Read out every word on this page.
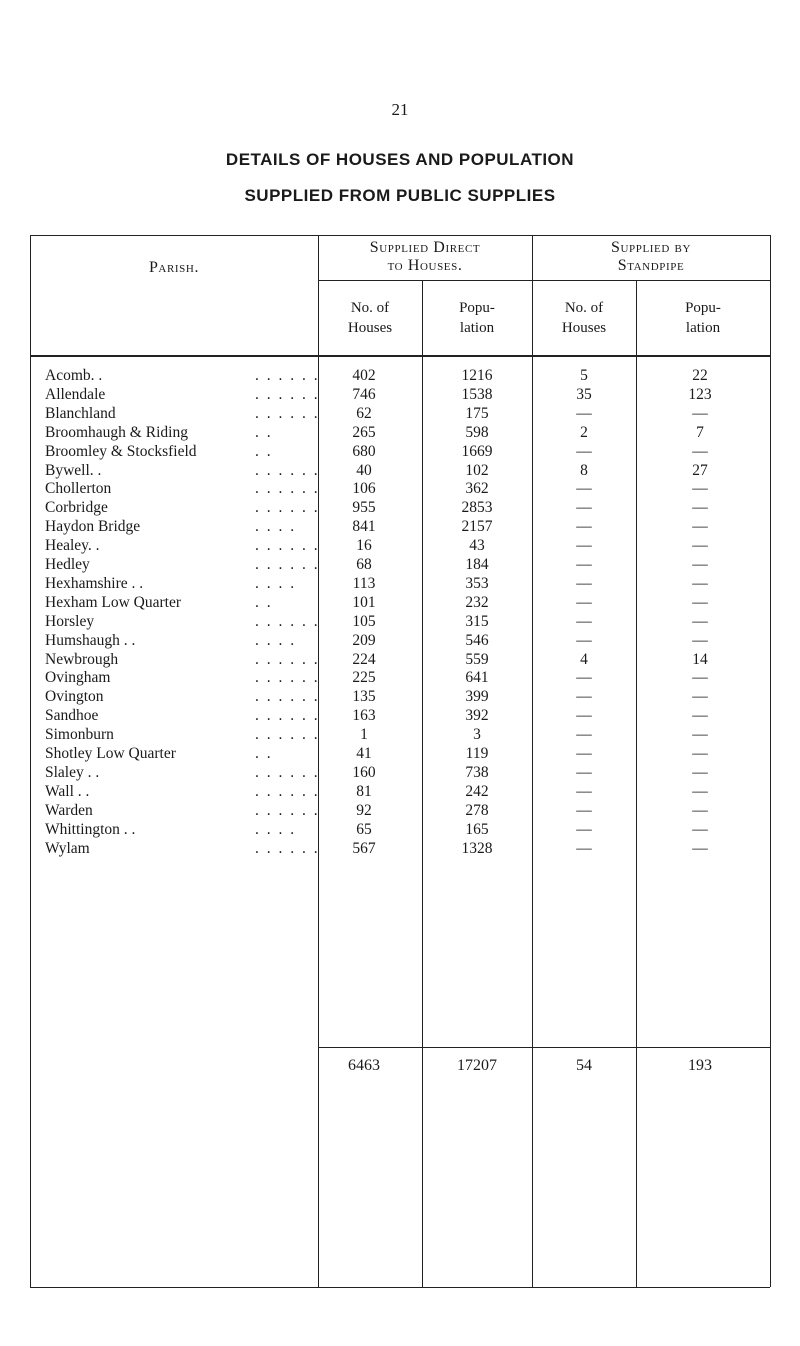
21
DETAILS OF HOUSES AND POPULATION
SUPPLIED FROM PUBLIC SUPPLIES
Parish.
Supplied Direct
to Houses.
Supplied by
Standpipe
No. of
Houses
Popu-
lation
No. of
Houses
Popu-
lation
Acomb. .	. . . . . .	402	1216	5	22
Allendale	. . . . . .	746	1538	35	123
Blanchland	. . . . . .	62	175	—	—
Broomhaugh & Riding	. .	265	598	2	7
Broomley & Stocksfield	. .	680	1669	—	—
Bywell. .	. . . . . .	40	102	8	27
Chollerton	. . . . . .	106	362	—	—
Corbridge	. . . . . .	955	2853	—	—
Haydon Bridge	. . . .	841	2157	—	—
Healey. .	. . . . . .	16	43	—	—
Hedley	. . . . . .	68	184	—	—
Hexhamshire . .	. . . .	113	353	—	—
Hexham Low Quarter	. .	101	232	—	—
Horsley	. . . . . .	105	315	—	—
Humshaugh . .	. . . .	209	546	—	—
Newbrough	. . . . . .	224	559	4	14
Ovingham	. . . . . .	225	641	—	—
Ovington	. . . . . .	135	399	—	—
Sandhoe	. . . . . .	163	392	—	—
Simonburn	. . . . . .	1	3	—	—
Shotley Low Quarter	. .	41	119	—	—
Slaley . .	. . . . . .	160	738	—	—
Wall . .	. . . . . .	81	242	—	—
Warden	. . . . . .	92	278	—	—
Whittington . .	. . . .	65	165	—	—
Wylam	. . . . . .	567	1328	—	—
6463	17207	54	193
